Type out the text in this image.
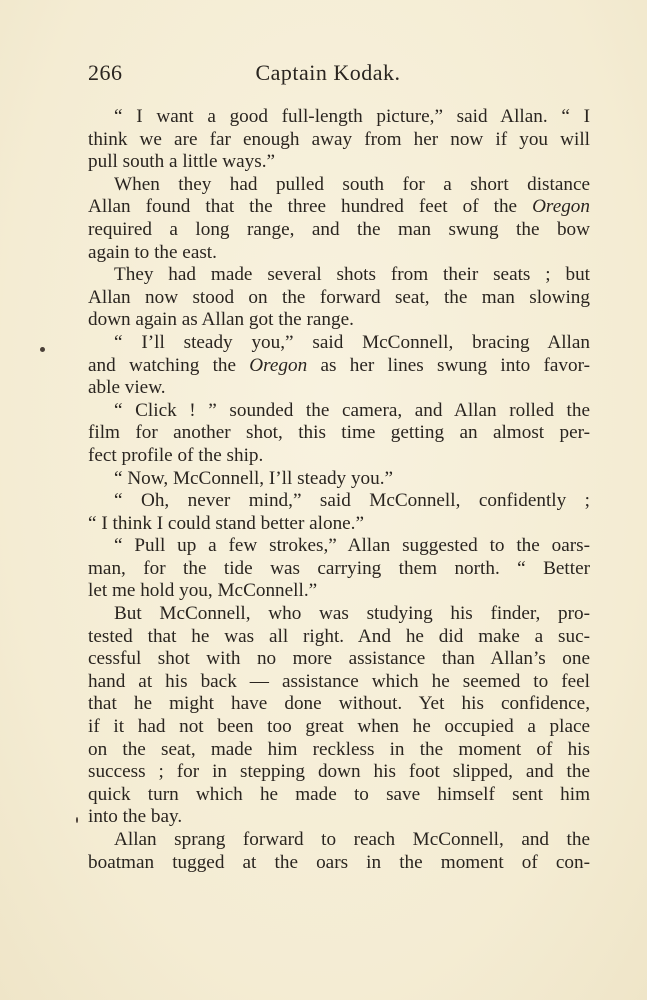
266	Captain Kodak.
“ I want a good full-length picture,” said Allan. “ I
think we are far enough away from her now if you will
pull south a little ways.”
When they had pulled south for a short distance
Allan found that the three hundred feet of the Oregon
required a long range, and the man swung the bow
again to the east.
They had made several shots from their seats ; but
Allan now stood on the forward seat, the man slowing
down again as Allan got the range.
“ I’ll steady you,” said McConnell, bracing Allan
and watching the Oregon as her lines swung into favor-
able view.
“ Click ! ” sounded the camera, and Allan rolled the
film for another shot, this time getting an almost per-
fect profile of the ship.
“ Now, McConnell, I’ll steady you.”
“ Oh, never mind,” said McConnell, confidently ;
“ I think I could stand better alone.”
“ Pull up a few strokes,” Allan suggested to the oars-
man, for the tide was carrying them north. “ Better
let me hold you, McConnell.”
But McConnell, who was studying his finder, pro-
tested that he was all right. And he did make a suc-
cessful shot with no more assistance than Allan’s one
hand at his back — assistance which he seemed to feel
that he might have done without. Yet his confidence,
if it had not been too great when he occupied a place
on the seat, made him reckless in the moment of his
success ; for in stepping down his foot slipped, and the
quick turn which he made to save himself sent him
into the bay.
Allan sprang forward to reach McConnell, and the
boatman tugged at the oars in the moment of con-
